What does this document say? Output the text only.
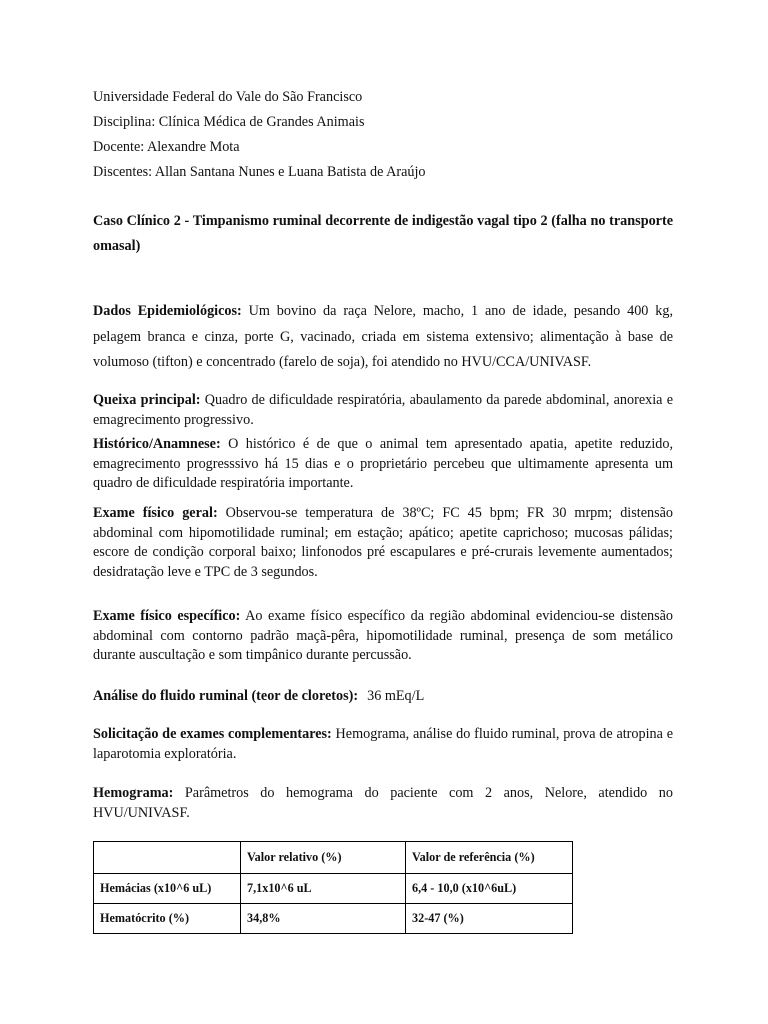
Universidade Federal do Vale do São Francisco
Disciplina: Clínica Médica de Grandes Animais
Docente: Alexandre Mota
Discentes: Allan Santana Nunes e Luana Batista de Araújo
Caso Clínico 2 - Timpanismo ruminal decorrente de indigestão vagal tipo 2 (falha no transporte omasal)
Dados Epidemiológicos: Um bovino da raça Nelore, macho, 1 ano de idade, pesando 400 kg, pelagem branca e cinza, porte G, vacinado, criada em sistema extensivo; alimentação à base de volumoso (tifton) e concentrado (farelo de soja), foi atendido no HVU/CCA/UNIVASF.
Queixa principal: Quadro de dificuldade respiratória, abaulamento da parede abdominal, anorexia e emagrecimento progressivo.
Histórico/Anamnese: O histórico é de que o animal tem apresentado apatia, apetite reduzido, emagrecimento progresssivo há 15 dias e o proprietário percebeu que ultimamente apresenta um quadro de dificuldade respiratória importante.
Exame físico geral: Observou-se temperatura de 38ºC; FC 45 bpm; FR 30 mrpm; distensão abdominal com hipomotilidade ruminal; em estação; apático; apetite caprichoso; mucosas pálidas; escore de condição corporal baixo; linfonodos pré escapulares e pré-crurais levemente aumentados; desidratação leve e TPC de 3 segundos.
Exame físico específico: Ao exame físico específico da região abdominal evidenciou-se distensão abdominal com contorno padrão maçã-pêra, hipomotilidade ruminal, presença de som metálico durante auscultação e som timpânico durante percussão.
Análise do fluido ruminal (teor de cloretos): 36 mEq/L
Solicitação de exames complementares: Hemograma, análise do fluido ruminal, prova de atropina e laparotomia exploratória.
Hemograma: Parâmetros do hemograma do paciente com 2 anos, Nelore, atendido no HVU/UNIVASF.
	Valor relativo (%)	Valor de referência (%)
Hemácias (x10^6 uL)	7,1x10^6 uL	6,4 - 10,0 (x10^6uL)
Hematócrito (%)	34,8%	32-47 (%)
